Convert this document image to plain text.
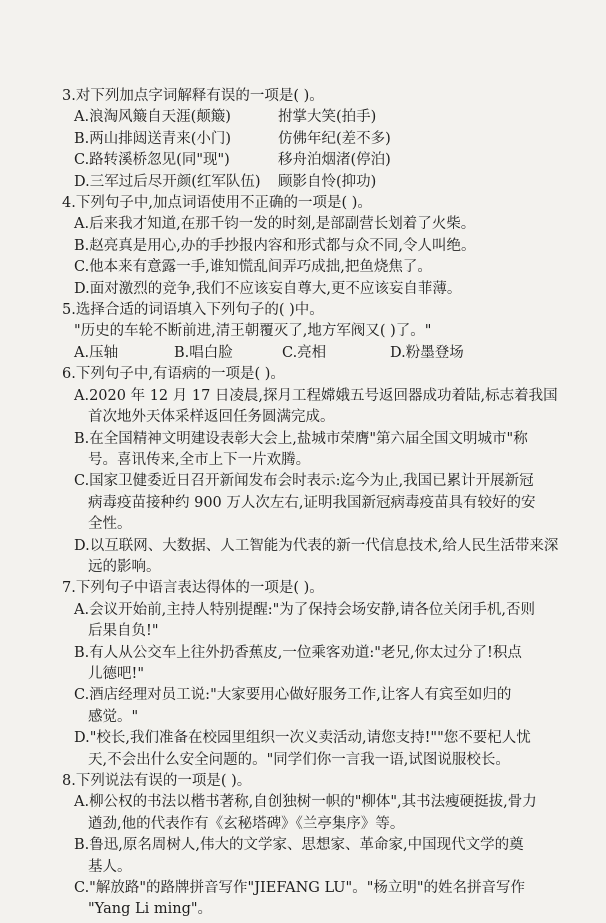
3.对下列加点字词解释有误的一项是( )。
A.浪淘风簸自天涯(颠簸)	拊掌大笑(拍手)
B.两山排闼送青来(小门)	仿佛年纪(差不多)
C.路转溪桥忽见(同"现")	移舟泊烟渚(停泊)
D.三军过后尽开颜(红军队伍)	顾影自怜(抑功)
4.下列句子中,加点词语使用不正确的一项是( )。
A.后来我才知道,在那千钧一发的时刻,是部副营长划着了火柴。
B.赵亮真是用心,办的手抄报内容和形式都与众不同,令人叫绝。
C.他本来有意露一手,谁知慌乱间弄巧成拙,把鱼烧焦了。
D.面对激烈的竞争,我们不应该妄自尊大,更不应该妄自菲薄。
5.选择合适的词语填入下列句子的( )中。
"历史的车轮不断前进,清王朝覆灭了,地方军阀又( )了。"
A.压轴	B.唱白脸	C.亮相	D.粉墨登场
6.下列句子中,有语病的一项是( )。
A.2020 年 12 月 17 日凌晨,探月工程嫦娥五号返回器成功着陆,标志着我国
首次地外天体采样返回任务圆满完成。
B.在全国精神文明建设表彰大会上,盐城市荣膺"第六届全国文明城市"称
号。喜讯传来,全市上下一片欢腾。
C.国家卫健委近日召开新闻发布会时表示:迄今为止,我国已累计开展新冠
病毒疫苗接种约 900 万人次左右,证明我国新冠病毒疫苗具有较好的安
全性。
D.以互联网、大数据、人工智能为代表的新一代信息技术,给人民生活带来深
远的影响。
7.下列句子中语言表达得体的一项是( )。
A.会议开始前,主持人特别提醒:"为了保持会场安静,请各位关闭手机,否则
后果自负!"
B.有人从公交车上往外扔香蕉皮,一位乘客劝道:"老兄,你太过分了!积点
儿德吧!"
C.酒店经理对员工说:"大家要用心做好服务工作,让客人有宾至如归的
感觉。"
D."校长,我们准备在校园里组织一次义卖活动,请您支持!""您不要杞人忧
天,不会出什么安全问题的。"同学们你一言我一语,试图说服校长。
8.下列说法有误的一项是( )。
A.柳公权的书法以楷书著称,自创独树一帜的"柳体",其书法瘦硬挺拔,骨力
遒劲,他的代表作有《玄秘塔碑》《兰亭集序》等。
B.鲁迅,原名周树人,伟大的文学家、思想家、革命家,中国现代文学的奠
基人。
C."解放路"的路牌拼音写作"JIEFANG LU"。"杨立明"的姓名拼音写作
"Yang Li ming"。
